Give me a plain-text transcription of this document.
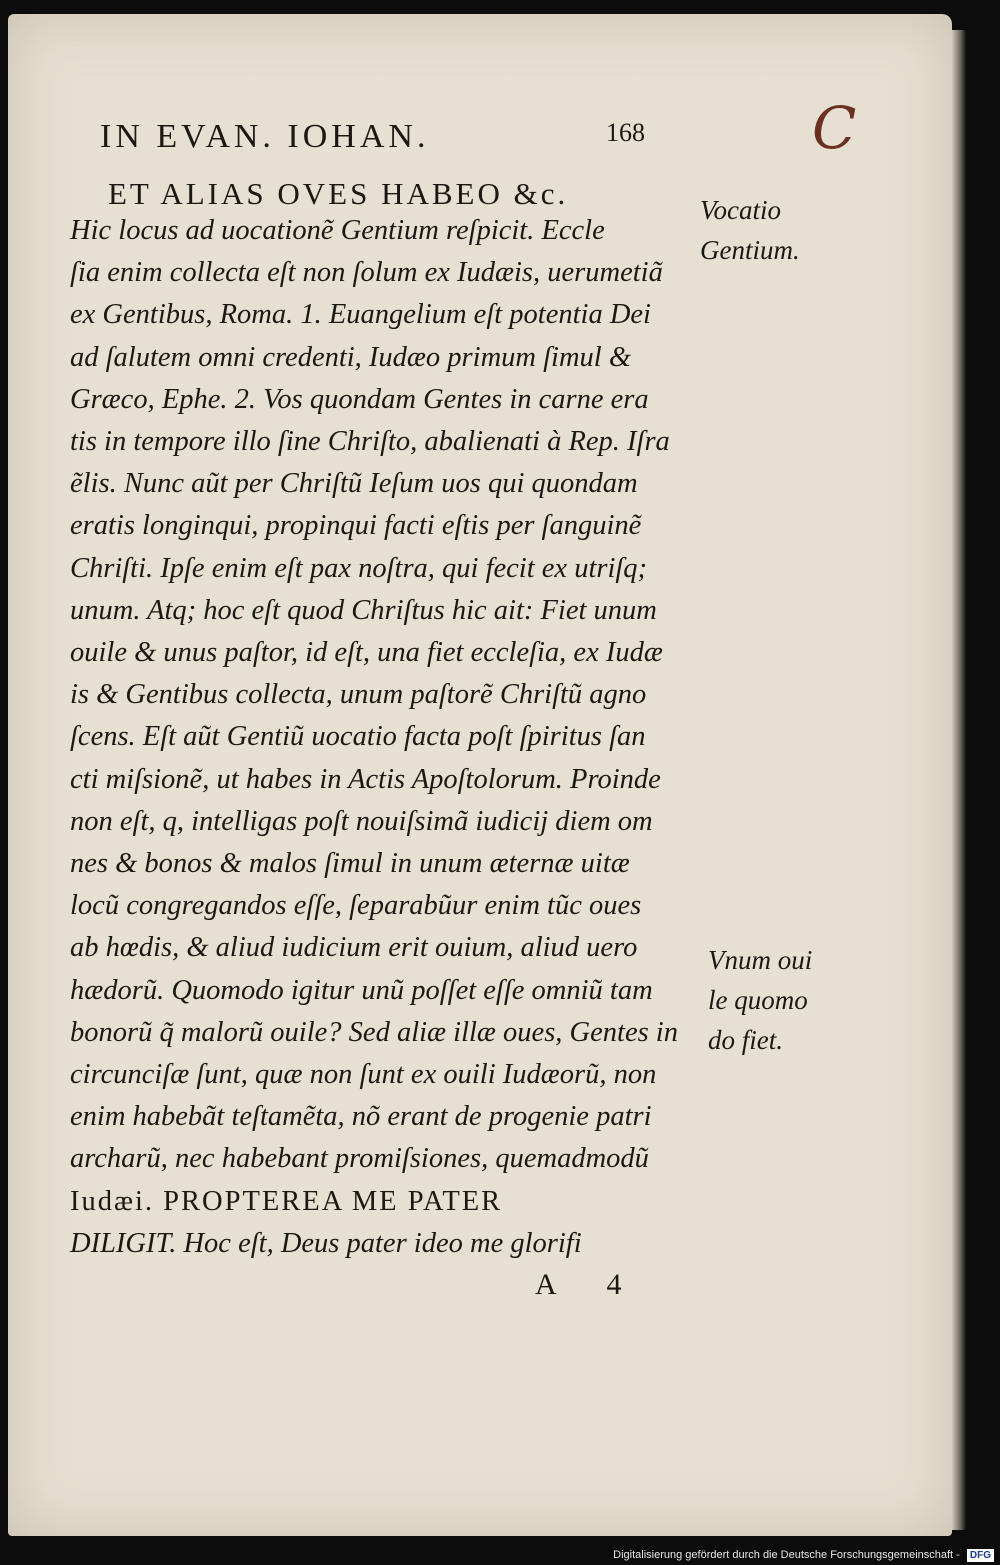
IN EVAN. IOHAN.	168	C
ET ALIAS OVES HABEO &c.
Hic locus ad uocationẽ Gentium reſpicit. Eccle
ſia enim collecta eſt non ſolum ex Iudæis, uerumetiã
ex Gentibus, Roma. 1. Euangelium eſt potentia Dei
ad ſalutem omni credenti, Iudæo primum ſimul &
Græco, Ephe. 2. Vos quondam Gentes in carne era
tis in tempore illo ſine Chriſto, abalienati à Rep. Iſra
ẽlis. Nunc aũt per Chriſtũ Ieſum uos qui quondam
eratis longinqui, propinqui facti eſtis per ſanguinẽ
Chriſti. Ipſe enim eſt pax noſtra, qui fecit ex utriſq;
unum. Atq; hoc eſt quod Chriſtus hic ait: Fiet unum
ouile & unus paſtor, id eſt, una fiet eccleſia, ex Iudæ
is & Gentibus collecta, unum paſtorẽ Chriſtũ agno
ſcens. Eſt aũt Gentiũ uocatio facta poſt ſpiritus ſan
cti miſsionẽ, ut habes in Actis Apoſtolorum. Proinde
non eſt, q, intelligas poſt nouiſsimã iudicij diem om
nes & bonos & malos ſimul in unum æternæ uitæ
locũ congregandos eſſe, ſeparabũur enim tũc oues
ab hœdis, & aliud iudicium erit ouium, aliud uero
hædorũ. Quomodo igitur unũ poſſet eſſe omniũ tam
bonorũ q̃ malorũ ouile? Sed aliæ illæ oues, Gentes in
circunciſæ ſunt, quæ non ſunt ex ouili Iudæorũ, non
enim habebãt teſtamẽta, nõ erant de progenie patri
archarũ, nec habebant promiſsiones, quemadmodũ
Iudæi. PROPTEREA ME PATER
DILIGIT. Hoc eſt, Deus pater ideo me glorifi
Vocatio
Gentium.
Vnum oui
le quomo
do fiet.
A 4
Digitalisierung gefördert durch die Deutsche Forschungsgemeinschaft - DFG
